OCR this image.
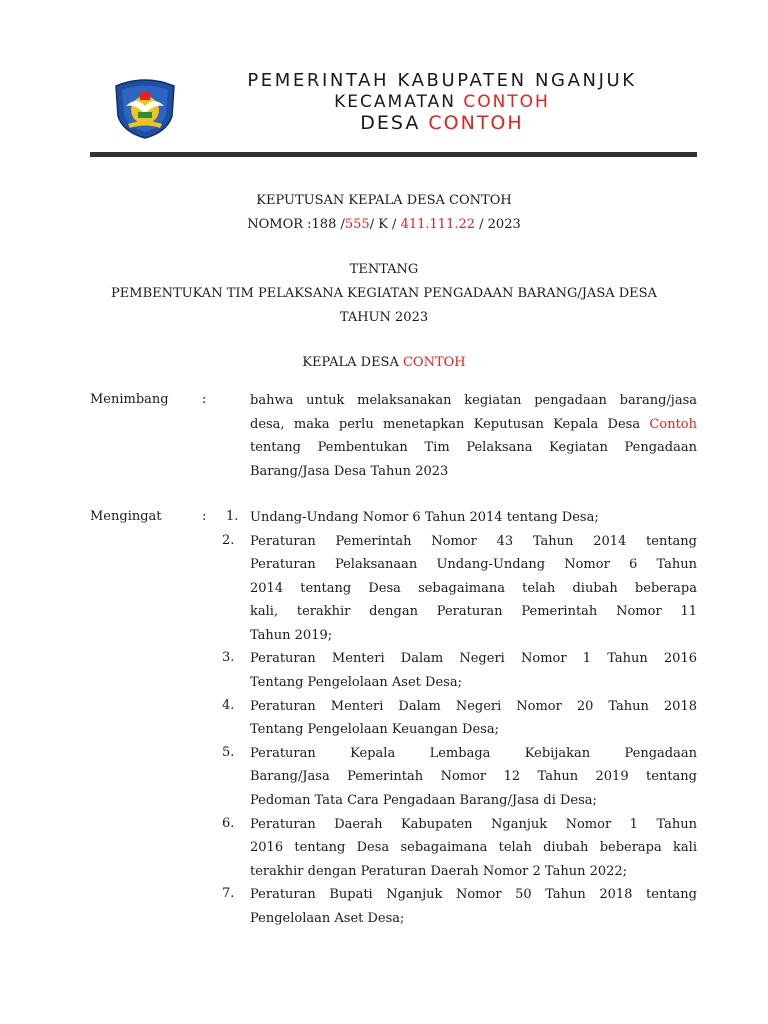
PEMERINTAH KABUPATEN NGANJUK
KECAMATAN CONTOH
DESA CONTOH
KEPUTUSAN KEPALA DESA CONTOH
NOMOR :188 /555/ K / 411.111.22 / 2023
TENTANG
PEMBENTUKAN TIM PELAKSANA KEGIATAN PENGADAAN BARANG/JASA DESA
TAHUN 2023
KEPALA DESA CONTOH
Menimbang	:	bahwa untuk melaksanakan kegiatan pengadaan barang/jasa
desa, maka perlu menetapkan Keputusan Kepala Desa Contoh
tentang Pembentukan Tim Pelaksana Kegiatan Pengadaan
Barang/Jasa Desa Tahun 2023
Mengingat	: 1. Undang-Undang Nomor 6 Tahun 2014 tentang Desa;
2.	Peraturan Pemerintah Nomor 43 Tahun 2014 tentang
Peraturan Pelaksanaan Undang-Undang Nomor 6 Tahun
2014 tentang Desa sebagaimana telah diubah beberapa
kali, terakhir dengan Peraturan Pemerintah Nomor 11
Tahun 2019;
3.	Peraturan Menteri Dalam Negeri Nomor 1 Tahun 2016
Tentang Pengelolaan Aset Desa;
4.	Peraturan Menteri Dalam Negeri Nomor 20 Tahun 2018
Tentang Pengelolaan Keuangan Desa;
5.	Peraturan Kepala Lembaga Kebijakan Pengadaan
Barang/Jasa Pemerintah Nomor 12 Tahun 2019 tentang
Pedoman Tata Cara Pengadaan Barang/Jasa di Desa;
6.	Peraturan Daerah Kabupaten Nganjuk Nomor 1 Tahun
2016 tentang Desa sebagaimana telah diubah beberapa kali
terakhir dengan Peraturan Daerah Nomor 2 Tahun 2022;
7.	Peraturan Bupati Nganjuk Nomor 50 Tahun 2018 tentang
Pengelolaan Aset Desa;
